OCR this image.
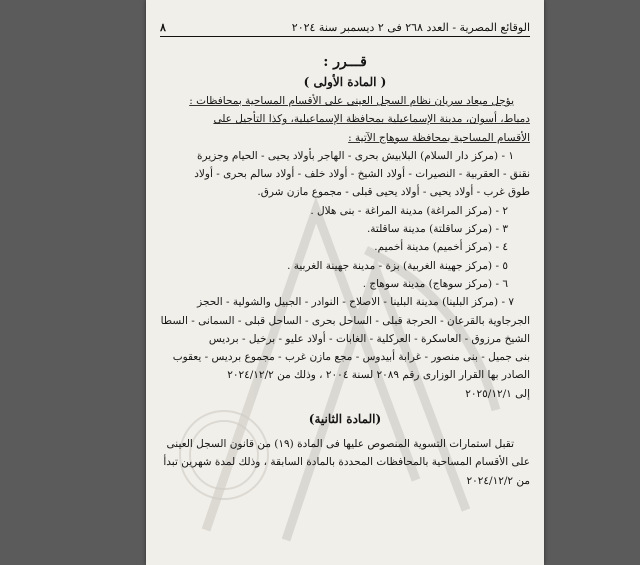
٨	الوقائع المصرية - العدد ٢٦٨ فى ٢ ديسمبر سنة ٢٠٢٤
قـــرر :
( المادة الأولى )
يؤجل ميعاد سريان نظام السجل العينى على الأقسام المساحية بمحافظات :
دمياط، أسوان، مدينة الإسماعيلية بمحافظة الإسماعيلية، وكذا التأجيل على
الأقسام المساحية بمحافظة سوهاج الآتية :
١ - (مركز دار السلام) البلابيش بحرى - الهاجر بأولاد يحيى - الحيام وجزيرة
نقنق - العقربية - النصيرات - أولاد الشيخ - أولاد خلف - أولاد سالم بحرى - أولاد
طوق غرب - أولاد يحيى - أولاد يحيى قبلى - مجموع مازن شرق.
٢ - (مركز المراغة) مدينة المراغة - بنى هلال .
٣ - (مركز ساقلتة) مدينة ساقلتة.
٤ - (مركز أخميم) مدينة أخميم.
٥ - (مركز جهينة الغربية) بزة - مدينة جهينة الغربية .
٦ - (مركز سوهاج) مدينة سوهاج .
٧ - (مركز البلينا) مدينة البلينا - الاصلاح - النوادر - الجبيل والشولية - الحجز
الجرجاوية بالقرعان - الحرجة قبلى - الساحل بحرى - الساحل قبلى - السمانى - السطا
الشيخ مرزوق - العاسكرة - العركلية - الغابات - أولاد عليو - برخيل - برديس
بنى جميل - بنى منصور - غرابة أبيدوس - مجع مازن غرب - مجموع برديس - يعقوب
الصادر بها القرار الوزارى رقم ٢٠٨٩ لسنة ٢٠٠٤ ، وذلك من ٢٠٢٤/١٢/٢
إلى ٢٠٢٥/١٢/١
(المادة الثانية)
تقبل استمارات التسوية المنصوص عليها فى المادة (١٩) من قانون السجل العينى
على الأقسام المساحية بالمحافظات المحددة بالمادة السابقة ، وذلك لمدة شهرين تبدأ
من ٢٠٢٤/١٢/٢
